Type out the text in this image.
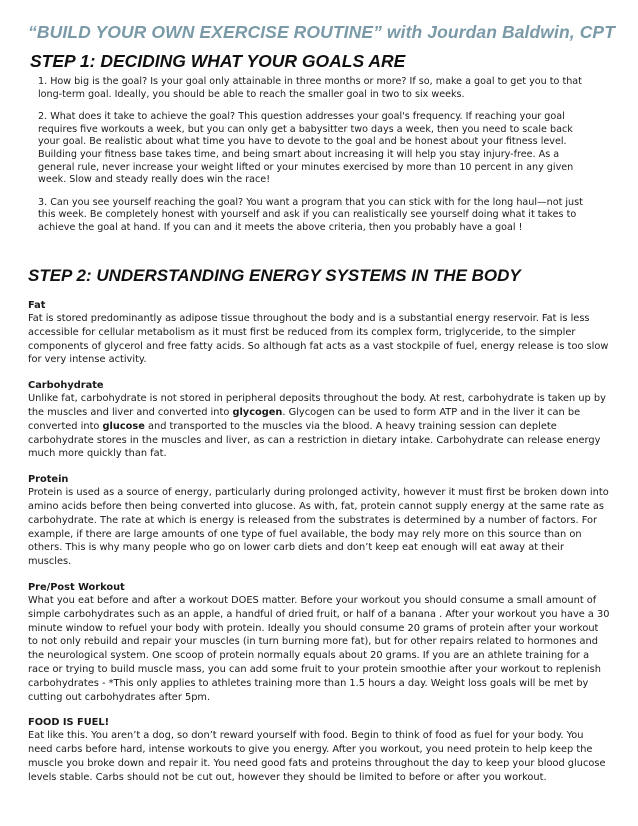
“BUILD YOUR OWN EXERCISE ROUTINE” with Jourdan Baldwin, CPT
STEP 1: DECIDING WHAT YOUR GOALS ARE

1. How big is the goal? Is your goal only attainable in three months or more? If so, make a goal to get you to that long-term goal. Ideally, you should be able to reach the smaller goal in two to six weeks.

2. What does it take to achieve the goal? This question addresses your goal's frequency. If reaching your goal requires five workouts a week, but you can only get a babysitter two days a week, then you need to scale back your goal. Be realistic about what time you have to devote to the goal and be honest about your fitness level. Building your fitness base takes time, and being smart about increasing it will help you stay injury-free. As a general rule, never increase your weight lifted or your minutes exercised by more than 10 percent in any given week. Slow and steady really does win the race!

3. Can you see yourself reaching the goal? You want a program that you can stick with for the long haul—not just this week. Be completely honest with yourself and ask if you can realistically see yourself doing what it takes to achieve the goal at hand. If you can and it meets the above criteria, then you probably have a goal !

STEP 2: UNDERSTANDING ENERGY SYSTEMS IN THE BODY
Fat

Fat is stored predominantly as adipose tissue throughout the body and is a substantial energy reservoir. Fat is less accessible for cellular metabolism as it must first be reduced from its complex form, triglyceride, to the simpler components of glycerol and free fatty acids. So although fat acts as a vast stockpile of fuel, energy release is too slow for very intense activity.

Carbohydrate

Unlike fat, carbohydrate is not stored in peripheral deposits throughout the body. At rest, carbohydrate is taken up by the muscles and liver and converted into glycogen. Glycogen can be used to form ATP and in the liver it can be converted into glucose and transported to the muscles via the blood. A heavy training session can deplete carbohydrate stores in the muscles and liver, as can a restriction in dietary intake. Carbohydrate can release energy much more quickly than fat.

Protein

Protein is used as a source of energy, particularly during prolonged activity, however it must first be broken down into amino acids before then being converted into glucose. As with, fat, protein cannot supply energy at the same rate as carbohydrate. The rate at which is energy is released from the substrates is determined by a number of factors. For example, if there are large amounts of one type of fuel available, the body may rely more on this source than on others. This is why many people who go on lower carb diets and don’t keep eat enough will eat away at their muscles.

Pre/Post Workout

What you eat before and after a workout DOES matter. Before your workout you should consume a small amount of simple carbohydrates such as an apple, a handful of dried fruit, or half of a banana . After your workout you have a 30 minute window to refuel your body with protein. Ideally you should consume 20 grams of protein after your workout to not only rebuild and repair your muscles (in turn burning more fat), but for other repairs related to hormones and the neurological system. One scoop of protein normally equals about 20 grams. If you are an athlete training for a race or trying to build muscle mass, you can add some fruit to your protein smoothie after your workout to replenish carbohydrates - *This only applies to athletes training more than 1.5 hours a day. Weight loss goals will be met by cutting out carbohydrates after 5pm.

FOOD IS FUEL!

Eat like this. You aren’t a dog, so don’t reward yourself with food. Begin to think of food as fuel for your body. You need carbs before hard, intense workouts to give you energy. After you workout, you need protein to help keep the muscle you broke down and repair it. You need good fats and proteins throughout the day to keep your blood glucose levels stable. Carbs should not be cut out, however they should be limited to before or after you workout.
